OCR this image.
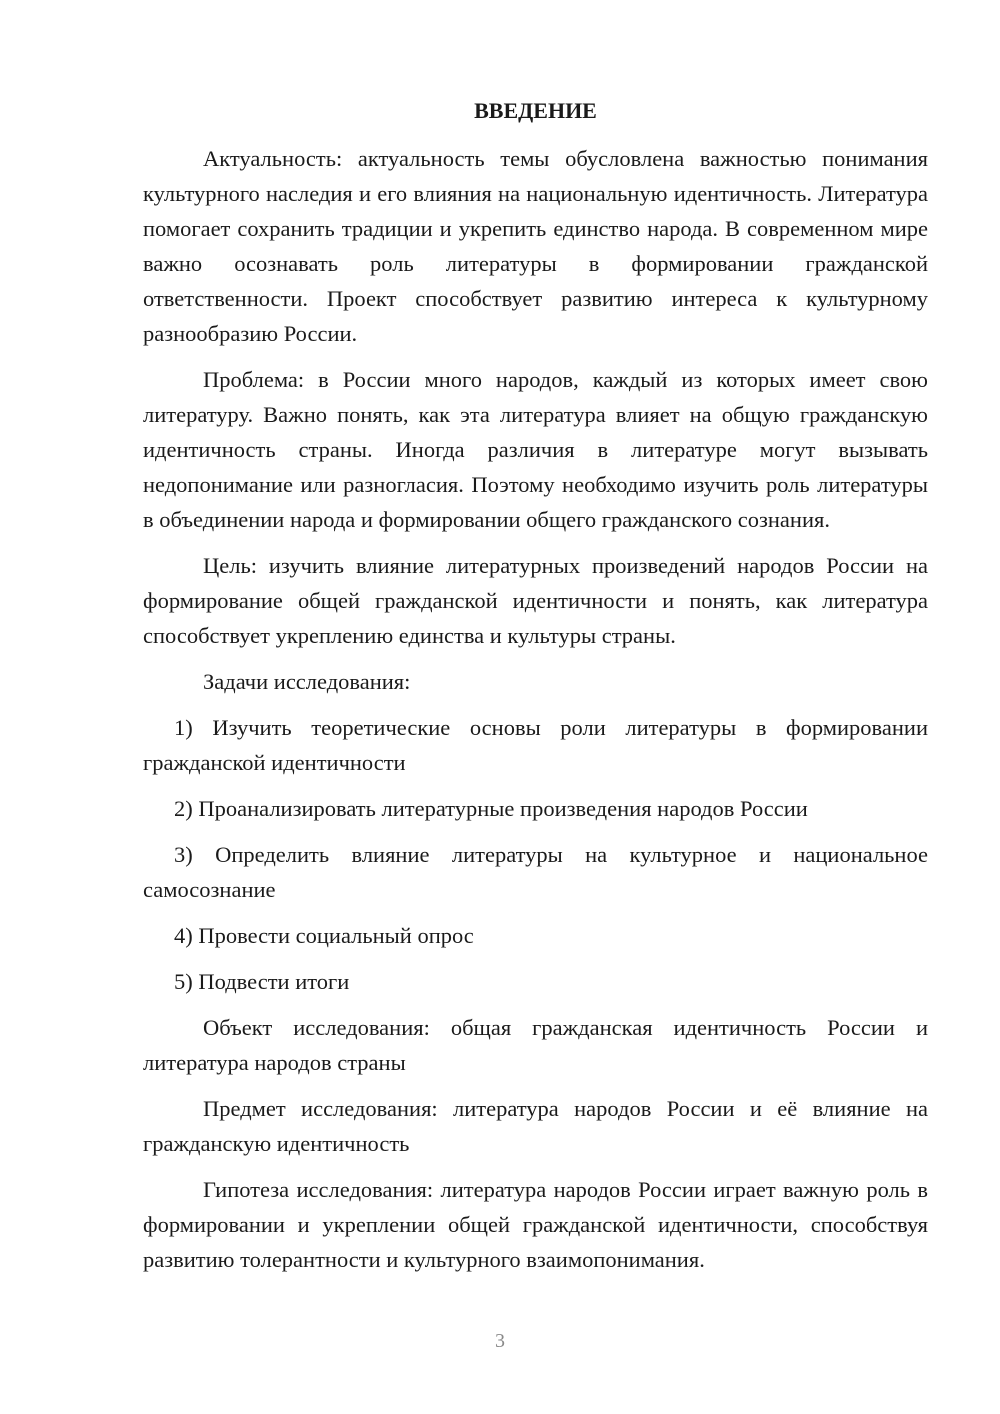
ВВЕДЕНИЕ

Актуальность: актуальность темы обусловлена важностью понимания культурного наследия и его влияния на национальную идентичность. Литература помогает сохранить традиции и укрепить единство народа. В современном мире важно осознавать роль литературы в формировании гражданской ответственности. Проект способствует развитию интереса к культурному разнообразию России.

Проблема: в России много народов, каждый из которых имеет свою литературу. Важно понять, как эта литература влияет на общую гражданскую идентичность страны. Иногда различия в литературе могут вызывать недопонимание или разногласия. Поэтому необходимо изучить роль литературы в объединении народа и формировании общего гражданского сознания.

Цель: изучить влияние литературных произведений народов России на формирование общей гражданской идентичности и понять, как литература способствует укреплению единства и культуры страны.

Задачи исследования:

1) Изучить теоретические основы роли литературы в формировании гражданской идентичности

2) Проанализировать литературные произведения народов России

3) Определить влияние литературы на культурное и национальное самосознание

4) Провести социальный опрос

5) Подвести итоги

Объект исследования: общая гражданская идентичность России и литература народов страны

Предмет исследования: литература народов России и её влияние на гражданскую идентичность

Гипотеза исследования: литература народов России играет важную роль в формировании и укреплении общей гражданской идентичности, способствуя развитию толерантности и культурного взаимопонимания.

3
